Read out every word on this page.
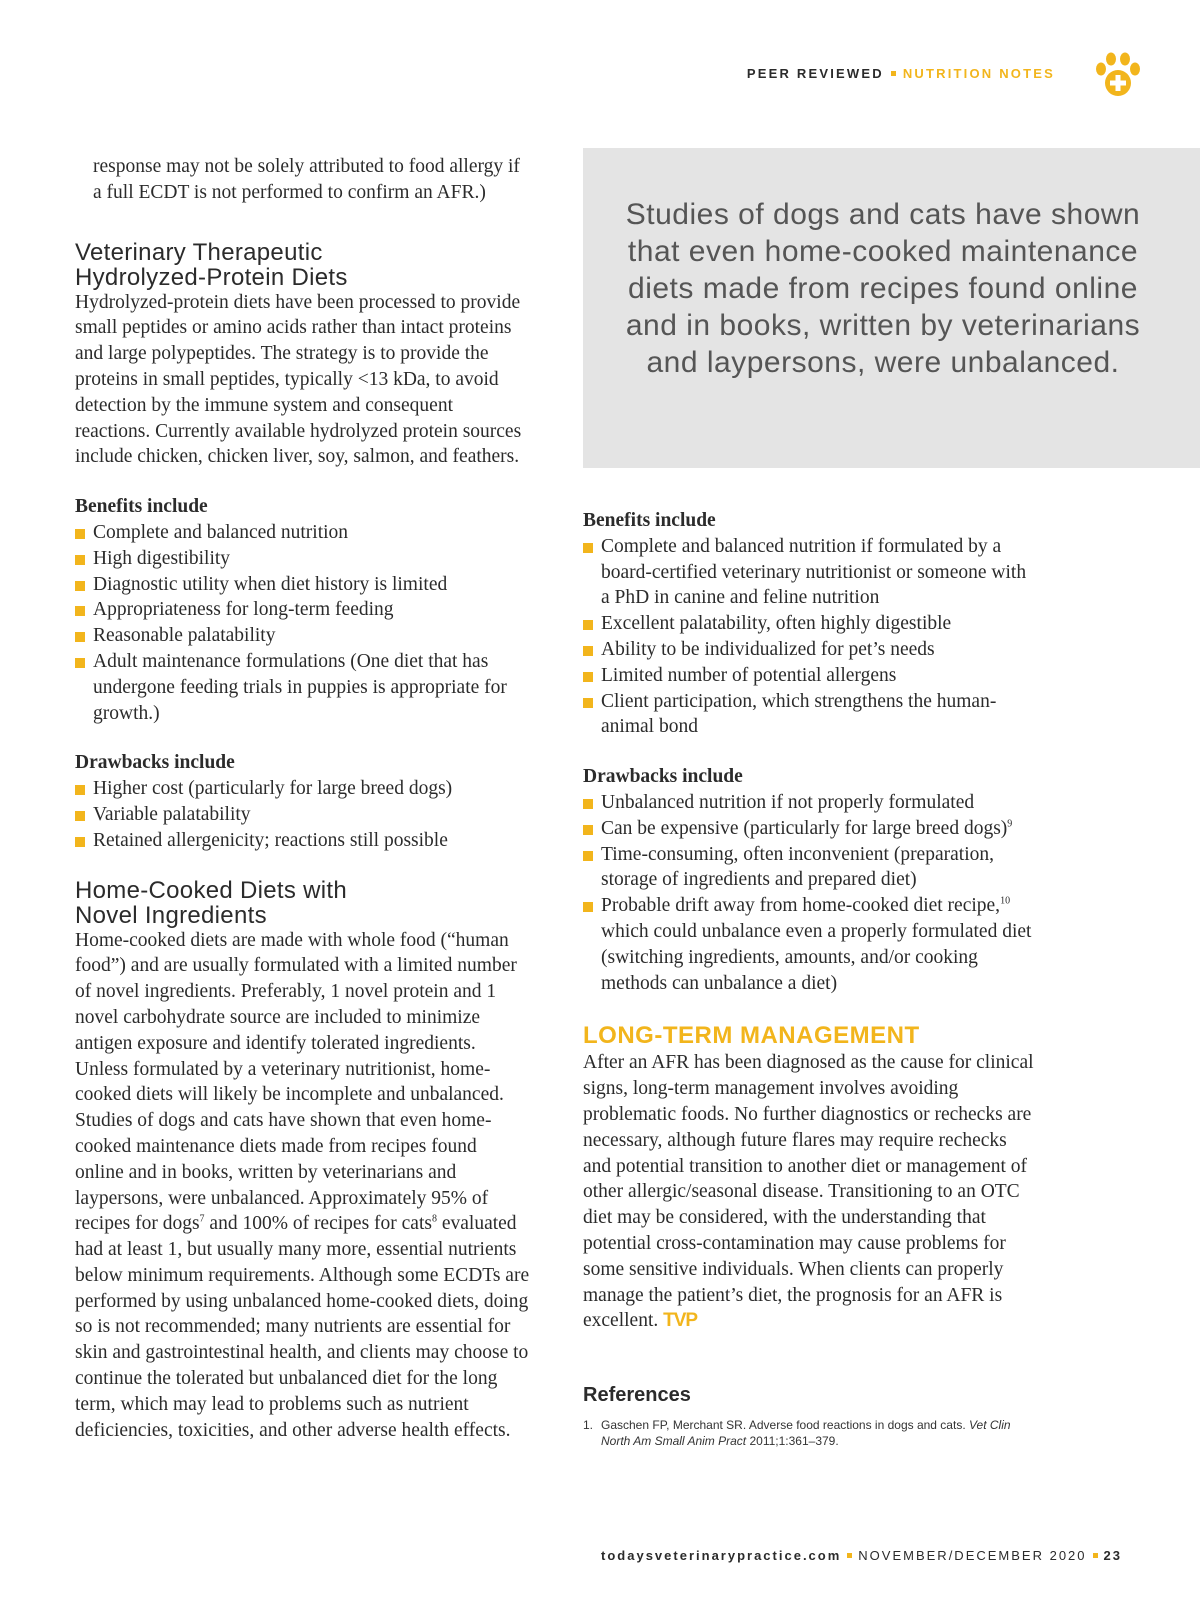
PEER REVIEWED NUTRITION NOTES
Studies of dogs and cats have shown that even home-cooked maintenance diets made from recipes found online and in books, written by veterinarians and laypersons, were unbalanced.

response may not be solely attributed to food allergy if a full ECDT is not performed to confirm an AFR.)

Veterinary Therapeutic
Hydrolyzed-Protein Diets

Hydrolyzed-protein diets have been processed to provide small peptides or amino acids rather than intact proteins and large polypeptides. The strategy is to provide the proteins in small peptides, typically <13 kDa, to avoid detection by the immune system and consequent reactions. Currently available hydrolyzed protein sources include chicken, chicken liver, soy, salmon, and feathers.

Benefits include

Complete and balanced nutrition
High digestibility
Diagnostic utility when diet history is limited
Appropriateness for long-term feeding
Reasonable palatability
Adult maintenance formulations (One diet that has undergone feeding trials in puppies is appropriate for growth.)

Drawbacks include

Higher cost (particularly for large breed dogs)
Variable palatability
Retained allergenicity; reactions still possible
Home-Cooked Diets with
Novel Ingredients

Home-cooked diets are made with whole food (“human food”) and are usually formulated with a limited number of novel ingredients. Preferably, 1 novel protein and 1 novel carbohydrate source are included to minimize antigen exposure and identify tolerated ingredients. Unless formulated by a veterinary nutritionist, home-cooked diets will likely be incomplete and unbalanced. Studies of dogs and cats have shown that even home-cooked maintenance diets made from recipes found online and in books, written by veterinarians and laypersons, were unbalanced. Approximately 95% of recipes for dogs$^7$ and 100% of recipes for cats$^8$ evaluated had at least 1, but usually many more, essential nutrients below minimum requirements. Although some ECDTs are performed by using unbalanced home-cooked diets, doing so is not recommended; many nutrients are essential for skin and gastrointestinal health, and clients may choose to continue the tolerated but unbalanced diet for the long term, which may lead to problems such as nutrient deficiencies, toxicities, and other adverse health effects.

Benefits include

Complete and balanced nutrition if formulated by a board-certified veterinary nutritionist or someone with a PhD in canine and feline nutrition
Excellent palatability, often highly digestible
Ability to be individualized for pet’s needs
Limited number of potential allergens
Client participation, which strengthens the human-animal bond

Drawbacks include

Unbalanced nutrition if not properly formulated
Can be expensive (particularly for large breed dogs)$^9$
Time-consuming, often inconvenient (preparation, storage of ingredients and prepared diet)
Probable drift away from home-cooked diet recipe,$^{10}$ which could unbalance even a properly formulated diet (switching ingredients, amounts, and/or cooking methods can unbalance a diet)
LONG-TERM MANAGEMENT

After an AFR has been diagnosed as the cause for clinical signs, long-term management involves avoiding problematic foods. No further diagnostics or rechecks are necessary, although future flares may require rechecks and potential transition to another diet or management of other allergic/seasonal disease. Transitioning to an OTC diet may be considered, with the understanding that potential cross-contamination may cause problems for some sensitive individuals. When clients can properly manage the patient’s diet, the prognosis for an AFR is excellent. TVP

References
1. Gaschen FP, Merchant SR. Adverse food reactions in dogs and cats. Vet Clin North Am Small Anim Pract 2011;1:361–379.
todaysveterinarypractice.com NOVEMBER/DECEMBER 2020 23
